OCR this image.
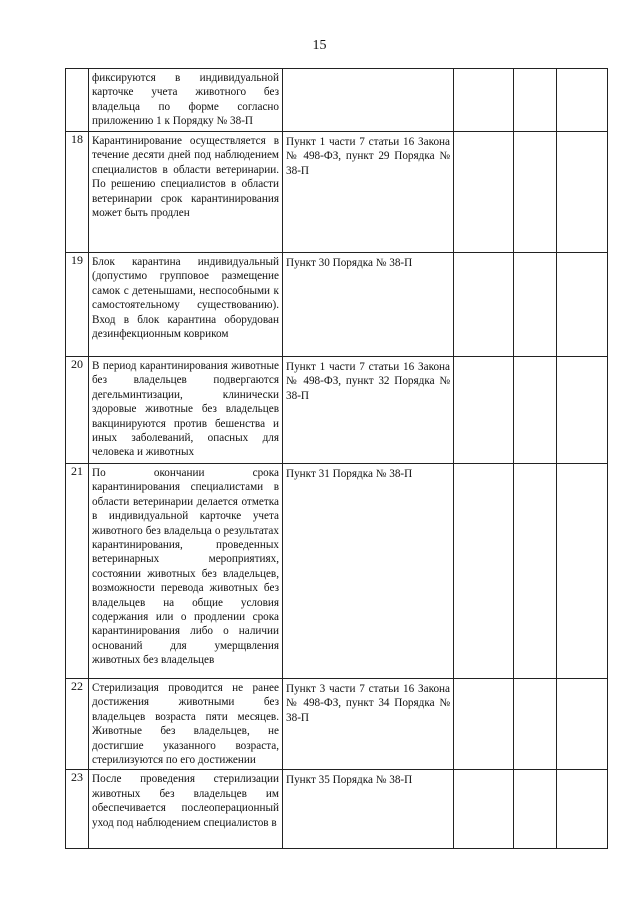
15

	фиксируются в индивидуальной карточке учета животного без владельца по форме согласно приложению 1 к Порядку № 38-П				

18	Карантинирование осуществляется в течение десяти дней под наблюдением специалистов в области ветеринарии. По решению специалистов в области ветеринарии срок карантинирования может быть продлен	Пункт 1 части 7 статьи 16 Закона № 498-ФЗ, пункт 29 Порядка № 38-П			

19	Блок карантина индивидуальный (допустимо групповое размещение самок с детенышами, неспособными к самостоятельному существованию). Вход в блок карантина оборудован дезинфекционным ковриком	Пункт 30 Порядка № 38-П			

20	В период карантинирования животные без владельцев подвергаются дегельминтизации, клинически здоровые животные без владельцев вакцинируются против бешенства и иных заболеваний, опасных для человека и животных	Пункт 1 части 7 статьи 16 Закона № 498-ФЗ, пункт 32 Порядка № 38-П			

21	По окончании срока карантинирования специалистами в области ветеринарии делается отметка в индивидуальной карточке учета животного без владельца о результатах карантинирования, проведенных ветеринарных мероприятиях, состоянии животных без владельцев, возможности перевода животных без владельцев на общие условия содержания или о продлении срока карантинирования либо о наличии оснований для умерщвления животных без владельцев	Пункт 31 Порядка № 38-П			

22	Стерилизация проводится не ранее достижения животными без владельцев возраста пяти месяцев. Животные без владельцев, не достигшие указанного возраста, стерилизуются по его достижении	Пункт 3 части 7 статьи 16 Закона № 498-ФЗ, пункт 34 Порядка № 38-П			

23	После проведения стерилизации животных без владельцев им обеспечивается послеоперационный уход под наблюдением специалистов в	Пункт 35 Порядка № 38-П			
